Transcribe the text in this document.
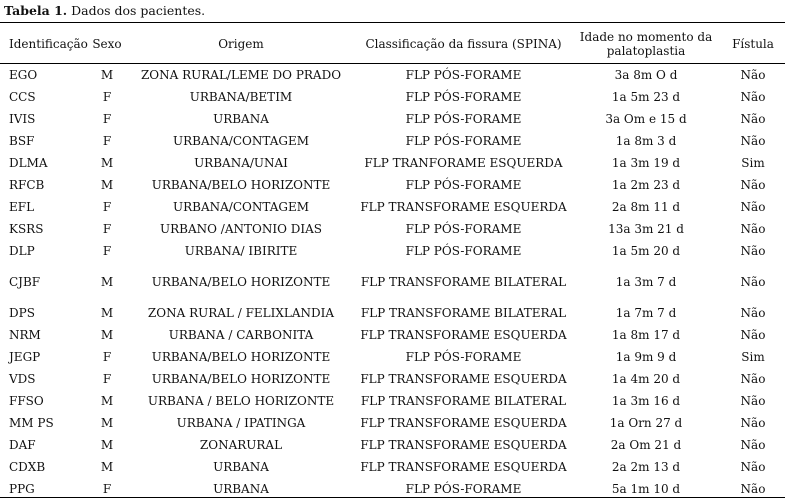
Tabela 1. Dados dos pacientes.
Identificação	Sexo	Origem	Classificação da fissura (SPINA)	Idade no momento da palatoplastia	Fístula
EGO	M	ZONA RURAL/LEME DO PRADO	FLP PÓS-FORAME	3a 8m O d	Não
CCS	F	URBANA/BETIM	FLP PÓS-FORAME	1a 5m 23 d	Não
IVIS	F	URBANA	FLP PÓS-FORAME	3a Om e 15 d	Não
BSF	F	URBANA/CONTAGEM	FLP PÓS-FORAME	1a 8m 3 d	Não
DLMA	M	URBANA/UNAI	FLP TRANFORAME ESQUERDA	1a 3m 19 d	Sim
RFCB	M	URBANA/BELO HORIZONTE	FLP PÓS-FORAME	1a 2m 23 d	Não
EFL	F	URBANA/CONTAGEM	FLP TRANSFORAME ESQUERDA	2a 8m 11 d	Não
KSRS	F	URBANO /ANTONIO DIAS	FLP PÓS-FORAME	13a 3m 21 d	Não
DLP	F	URBANA/ IBIRITE	FLP PÓS-FORAME	1a 5m 20 d	Não
CJBF	M	URBANA/BELO HORIZONTE	FLP TRANSFORAME BILATERAL	1a 3m 7 d	Não
DPS	M	ZONA RURAL / FELIXLANDIA	FLP TRANSFORAME BILATERAL	1a 7m 7 d	Não
NRM	M	URBANA / CARBONITA	FLP TRANSFORAME ESQUERDA	1a 8m 17 d	Não
JEGP	F	URBANA/BELO HORIZONTE	FLP PÓS-FORAME	1a 9m 9 d	Sim
VDS	F	URBANA/BELO HORIZONTE	FLP TRANSFORAME ESQUERDA	1a 4m 20 d	Não
FFSO	M	URBANA / BELO HORIZONTE	FLP TRANSFORAME BILATERAL	1a 3m 16 d	Não
MM PS	M	URBANA / IPATINGA	FLP TRANSFORAME ESQUERDA	1a Orn 27 d	Não
DAF	M	ZONARURAL	FLP TRANSFORAME ESQUERDA	2a Om 21 d	Não
CDXB	M	URBANA	FLP TRANSFORAME ESQUERDA	2a 2m 13 d	Não
PPG	F	URBANA	FLP PÓS-FORAME	5a 1m 10 d	Não
